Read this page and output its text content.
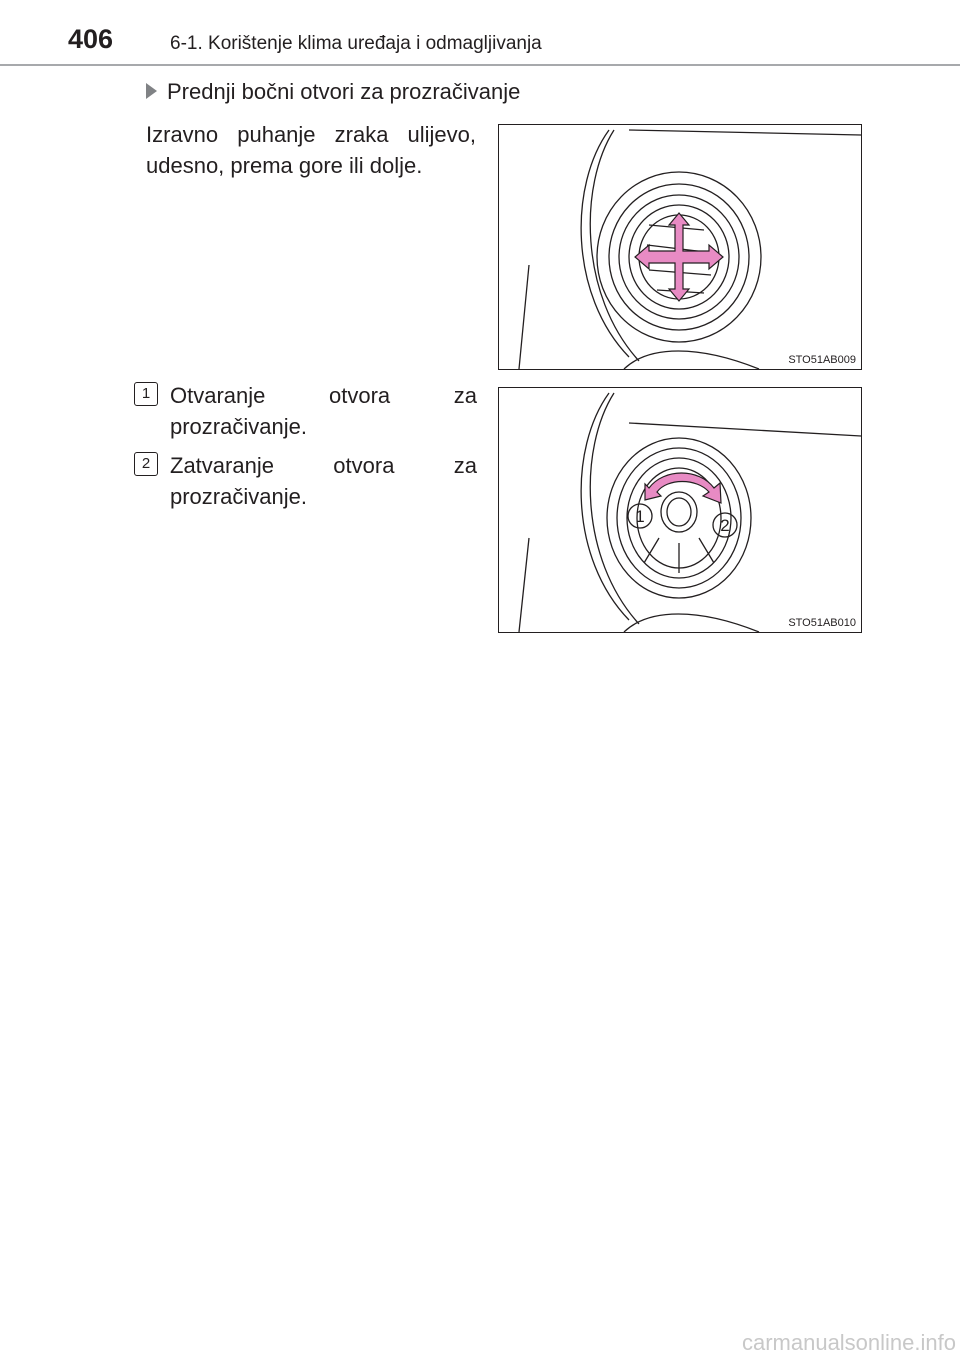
406	6-1. Korištenje klima uređaja i odmagljivanja
Prednji bočni otvori za prozračivanje
Izravno puhanje zraka ulijevo, udesno, prema gore ili dolje.
1 Otvaranje otvora za prozračivanje.
2 Zatvaranje otvora za prozračivanje.
STO51AB009
1	2
STO51AB010
carmanualsonline.info
